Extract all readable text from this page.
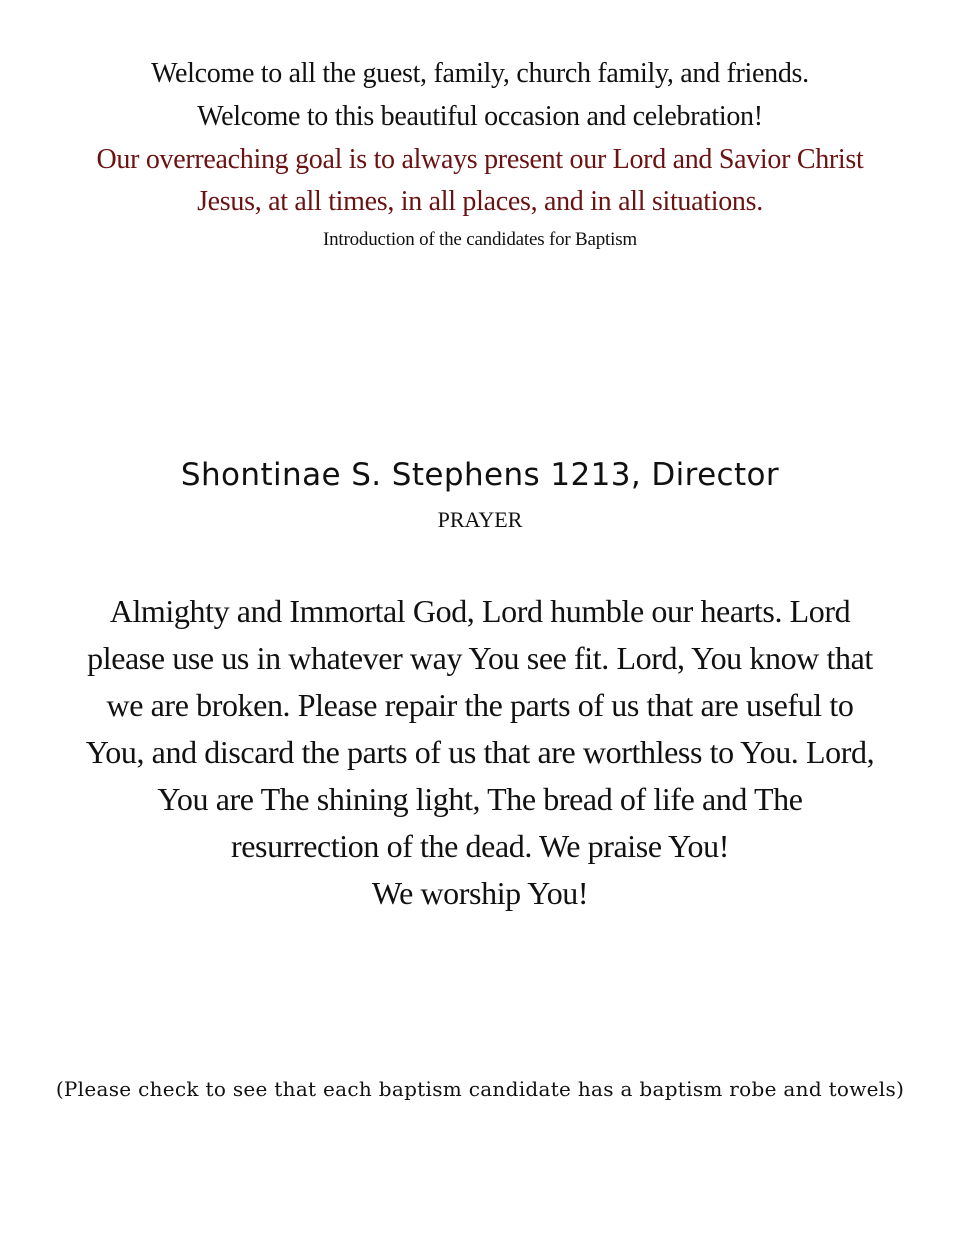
Welcome to all the guest, family, church family, and friends.
Welcome to this beautiful occasion and celebration!
Our overreaching goal is to always present our Lord and Savior Christ
Jesus, at all times, in all places, and in all situations.
Introduction of the candidates for Baptism
Shontinae S. Stephens 1213, Director
PRAYER
Almighty and Immortal God, Lord humble our hearts. Lord
please use us in whatever way You see fit. Lord, You know that
we are broken. Please repair the parts of us that are useful to
You, and discard the parts of us that are worthless to You. Lord,
You are The shining light, The bread of life and The
resurrection of the dead. We praise You!
We worship You!
(Please check to see that each baptism candidate has a baptism robe and towels)
